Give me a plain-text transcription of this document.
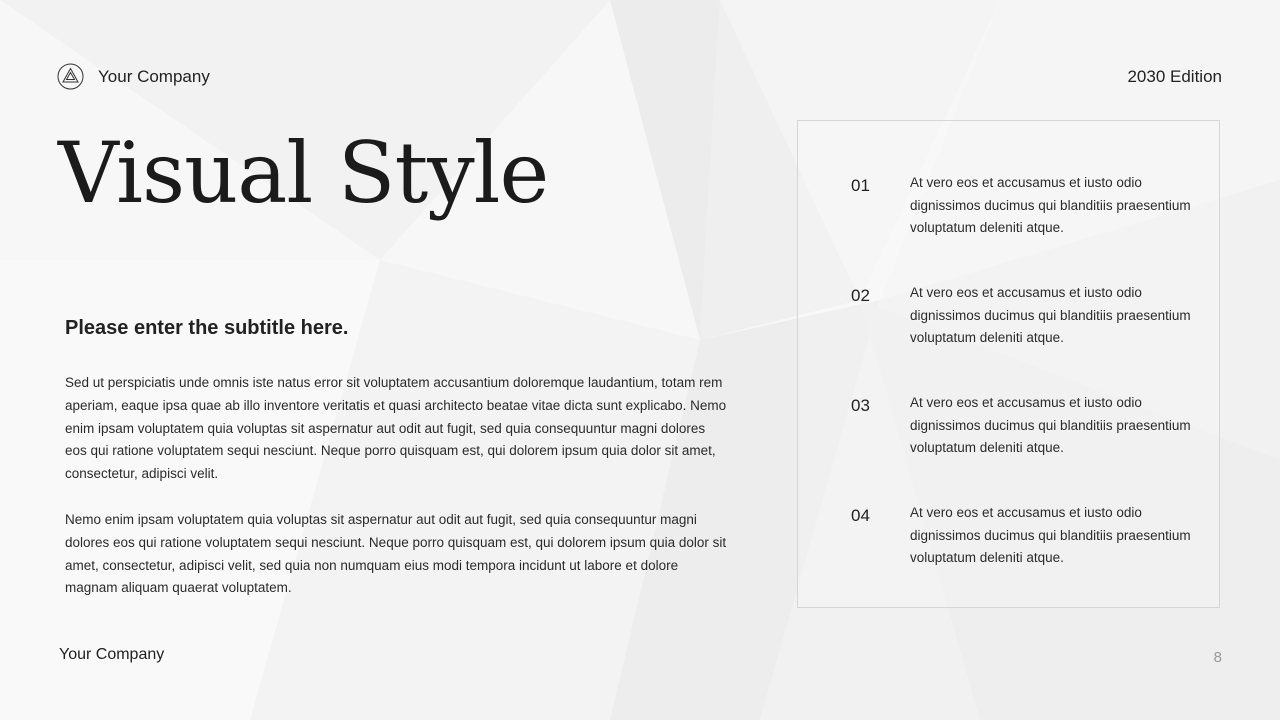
Your Company	2030 Edition
Visual Style
Please enter the subtitle here.

Sed ut perspiciatis unde omnis iste natus error sit voluptatem accusantium doloremque laudantium, totam rem aperiam, eaque ipsa quae ab illo inventore veritatis et quasi architecto beatae vitae dicta sunt explicabo. Nemo enim ipsam voluptatem quia voluptas sit aspernatur aut odit aut fugit, sed quia consequuntur magni dolores eos qui ratione voluptatem sequi nesciunt. Neque porro quisquam est, qui dolorem ipsum quia dolor sit amet, consectetur, adipisci velit.

Nemo enim ipsam voluptatem quia voluptas sit aspernatur aut odit aut fugit, sed quia consequuntur magni dolores eos qui ratione voluptatem sequi nesciunt. Neque porro quisquam est, qui dolorem ipsum quia dolor sit amet, consectetur, adipisci velit, sed quia non numquam eius modi tempora incidunt ut labore et dolore magnam aliquam quaerat voluptatem.

01	At vero eos et accusamus et iusto odio dignissimos ducimus qui blanditiis praesentium voluptatum deleniti atque.
02	At vero eos et accusamus et iusto odio dignissimos ducimus qui blanditiis praesentium voluptatum deleniti atque.
03	At vero eos et accusamus et iusto odio dignissimos ducimus qui blanditiis praesentium voluptatum deleniti atque.
04	At vero eos et accusamus et iusto odio dignissimos ducimus qui blanditiis praesentium voluptatum deleniti atque.
Your Company	8
